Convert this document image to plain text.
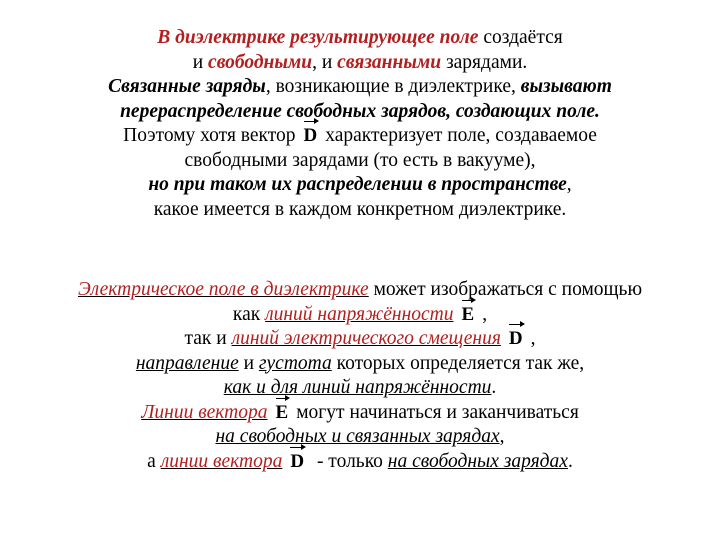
В диэлектрике результирующее поле создаётся
и свободными, и связанными зарядами.
Связанные заряды, возникающие в диэлектрике, вызывают
перераспределение свободных зарядов, создающих поле.
Поэтому хотя вектор D характеризует поле, создаваемое
свободными зарядами (то есть в вакууме),
но при таком их распределении в пространстве,
какое имеется в каждом конкретном диэлектрике.
Электрическое поле в диэлектрике может изображаться с помощью
как линий напряжённости E ,
так и линий электрического смещения D ,
направление и густота которых определяется так же,
как и для линий напряжённости.
Линии вектора E могут начинаться и заканчиваться
на свободных и связанных зарядах,
а линии вектора D - только на свободных зарядах.
